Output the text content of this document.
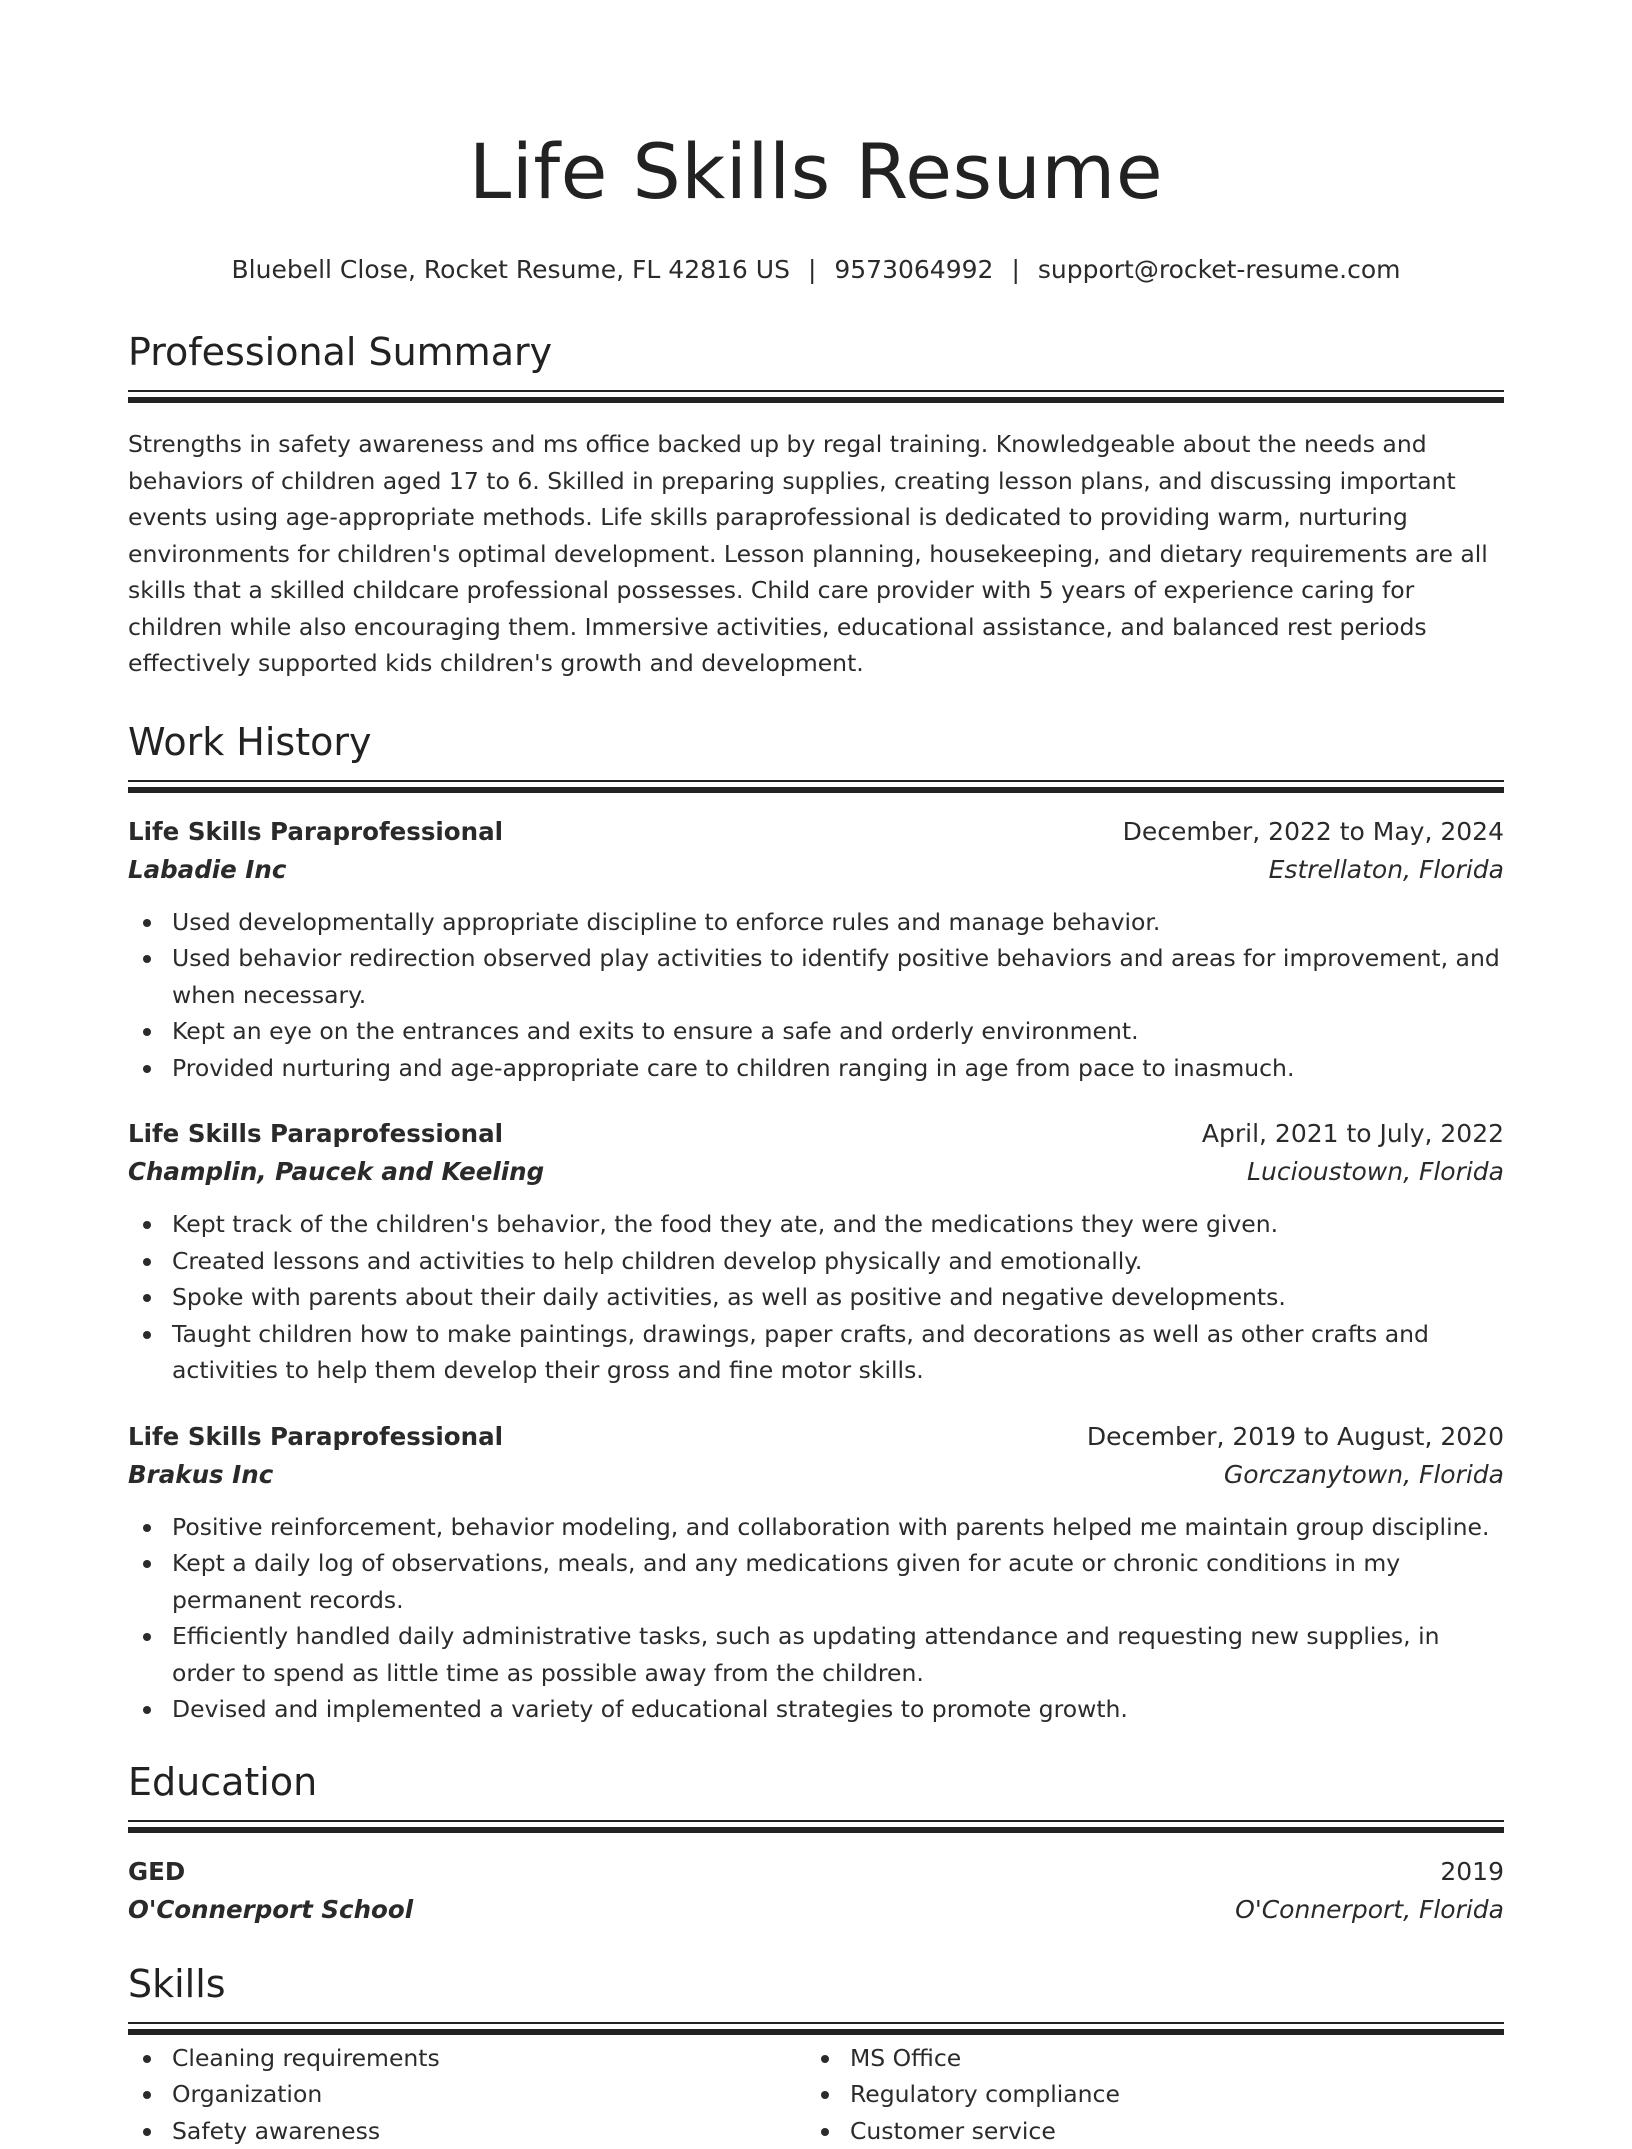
Life Skills Resume
Bluebell Close, Rocket Resume, FL 42816 US | 9573064992 | support@rocket-resume.com
Professional Summary
Strengths in safety awareness and ms office backed up by regal training. Knowledgeable about the needs and behaviors of children aged 17 to 6. Skilled in preparing supplies, creating lesson plans, and discussing important events using age-appropriate methods. Life skills paraprofessional is dedicated to providing warm, nurturing environments for children's optimal development. Lesson planning, housekeeping, and dietary requirements are all skills that a skilled childcare professional possesses. Child care provider with 5 years of experience caring for children while also encouraging them. Immersive activities, educational assistance, and balanced rest periods effectively supported kids children's growth and development.
Work History
Life Skills Paraprofessional	December, 2022 to May, 2024
Labadie Inc	Estrellaton, Florida
Used developmentally appropriate discipline to enforce rules and manage behavior.
Used behavior redirection observed play activities to identify positive behaviors and areas for improvement, and when necessary.
Kept an eye on the entrances and exits to ensure a safe and orderly environment.
Provided nurturing and age-appropriate care to children ranging in age from pace to inasmuch.
Life Skills Paraprofessional	April, 2021 to July, 2022
Champlin, Paucek and Keeling	Lucioustown, Florida
Kept track of the children's behavior, the food they ate, and the medications they were given.
Created lessons and activities to help children develop physically and emotionally.
Spoke with parents about their daily activities, as well as positive and negative developments.
Taught children how to make paintings, drawings, paper crafts, and decorations as well as other crafts and activities to help them develop their gross and fine motor skills.
Life Skills Paraprofessional	December, 2019 to August, 2020
Brakus Inc	Gorczanytown, Florida
Positive reinforcement, behavior modeling, and collaboration with parents helped me maintain group discipline.
Kept a daily log of observations, meals, and any medications given for acute or chronic conditions in my permanent records.
Efficiently handled daily administrative tasks, such as updating attendance and requesting new supplies, in order to spend as little time as possible away from the children.
Devised and implemented a variety of educational strategies to promote growth.
Education
GED	2019
O'Connerport School	O'Connerport, Florida
Skills
Cleaning requirements
Organization
Safety awareness
MS Office
Regulatory compliance
Customer service
